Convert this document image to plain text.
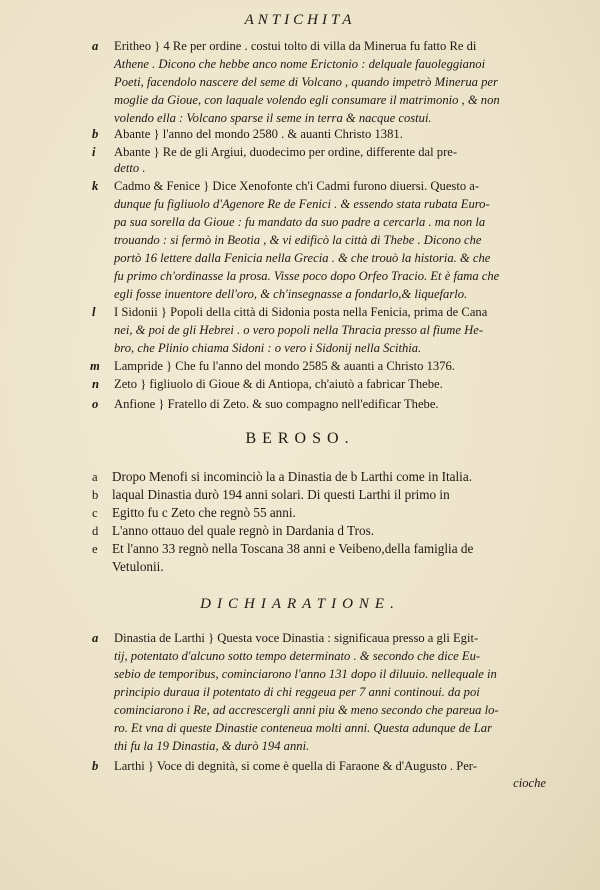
ANTICHITA
a Eritheo } 4 Re per ordine . costui tolto di villa da Minerua fu fatto Re di
Athene . Dicono che hebbe anco nome Erictonio : delquale fauoleggianoi
Poeti, facendolo nascere del seme di Volcano , quando impetrò Minerua per
moglie da Gioue, con laquale volendo egli consumare il matrimonio , & non
volendo ella : Volcano sparse il seme in terra & nacque costui.
b Abante } l'anno del mondo 2580 . & auanti Christo 1381.
i Abante } Re de gli Argiui, duodecimo per ordine, differente dal pre-
detto .
k Cadmo & Fenice } Dice Xenofonte ch'i Cadmi furono diuersi. Questo a-
dunque fu figliuolo d'Agenore Re de Fenici . & essendo stata rubata Euro-
pa sua sorella da Gioue : fu mandato da suo padre a cercarla . ma non la
trouando : si fermò in Beotia , & vi edificò la città di Thebe . Dicono che
portò 16 lettere dalla Fenicia nella Grecia . & che trouò la historia. & che
fu primo ch'ordinasse la prosa. Visse poco dopo Orfeo Tracio. Et è fama che
egli fosse inuentore dell'oro, & ch'insegnasse a fondarlo,& liquefarlo.
l I Sidonii } Popoli della città di Sidonia posta nella Fenicia, prima de Cana
nei, & poi de gli Hebrei . o vero popoli nella Thracia presso al fiume He-
bro, che Plinio chiama Sidoni : o vero i Sidonij nella Scithia.
m Lampride } Che fu l'anno del mondo 2585 & auanti a Christo 1376.
n Zeto } figliuolo di Gioue & di Antiopa, ch'aiutò a fabricar Thebe.
o Anfione } Fratello di Zeto. & suo compagno nell'edificar Thebe.
BEROSO.
a Dropo Menofi si incominciò la a Dinastia de b Larthi come in Italia.
b laqual Dinastia durò 194 anni solari. Di questi Larthi il primo in
c Egitto fu c Zeto che regnò 55 anni.
d L'anno ottauo del quale regnò in Dardania d Tros.
e Et l'anno 33 regnò nella Toscana 38 anni e Veibeno,della famiglia de
Vetulonii.
DICHIARATIONE.
a Dinastia de Larthi } Questa voce Dinastia : significaua presso a gli Egit-
tij, potentato d'alcuno sotto tempo determinato . & secondo che dice Eu-
sebio de temporibus, cominciarono l'anno 131 dopo il diluuio. nellequale in
principio duraua il potentato di chi reggeua per 7 anni continoui. da poi
cominciarono i Re, ad accrescergli anni piu & meno secondo che pareua lo-
ro. Et vna di queste Dinastie conteneua molti anni. Questa adunque de Lar
thi fu la 19 Dinastia, & durò 194 anni.
b Larthi } Voce di degnità, si come è quella di Faraone & d'Augusto . Per-
cioche
